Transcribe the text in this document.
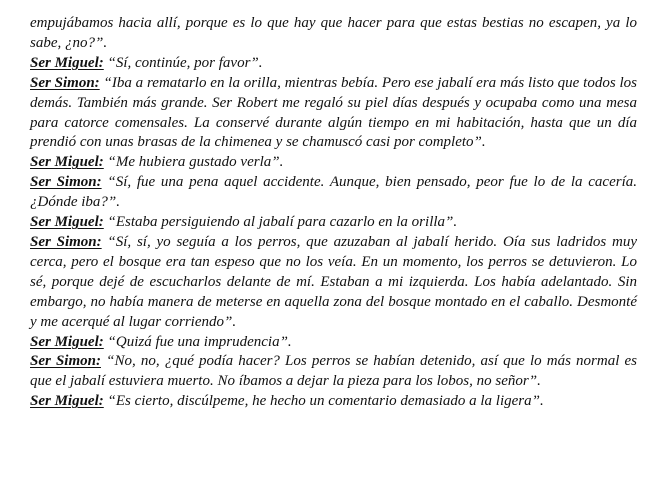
empujábamos hacia allí, porque es lo que hay que hacer para que estas bestias no escapen, ya lo sabe, ¿no?”.

Ser Miguel: “Sí, continúe, por favor”.

Ser Simon: “Iba a rematarlo en la orilla, mientras bebía. Pero ese jabalí era más listo que todos los demás. También más grande. Ser Robert me regaló su piel días después y ocupaba como una mesa para catorce comensales. La conservé durante algún tiempo en mi habitación, hasta que un día prendió con unas brasas de la chimenea y se chamuscó casi por completo”.

Ser Miguel: “Me hubiera gustado verla”.

Ser Simon: “Sí, fue una pena aquel accidente. Aunque, bien pensado, peor fue lo de la cacería. ¿Dónde iba?”.

Ser Miguel: “Estaba persiguiendo al jabalí para cazarlo en la orilla”.

Ser Simon: “Sí, sí, yo seguía a los perros, que azuzaban al jabalí herido. Oía sus ladridos muy cerca, pero el bosque era tan espeso que no los veía. En un momento, los perros se detuvieron. Lo sé, porque dejé de escucharlos delante de mí. Estaban a mi izquierda. Los había adelantado. Sin embargo, no había manera de meterse en aquella zona del bosque montado en el caballo. Desmonté y me acerqué al lugar corriendo”.

Ser Miguel: “Quizá fue una imprudencia”.

Ser Simon: “No, no, ¿qué podía hacer? Los perros se habían detenido, así que lo más normal es que el jabalí estuviera muerto. No íbamos a dejar la pieza para los lobos, no señor”.

Ser Miguel: “Es cierto, discúlpeme, he hecho un comentario demasiado a la ligera”.
